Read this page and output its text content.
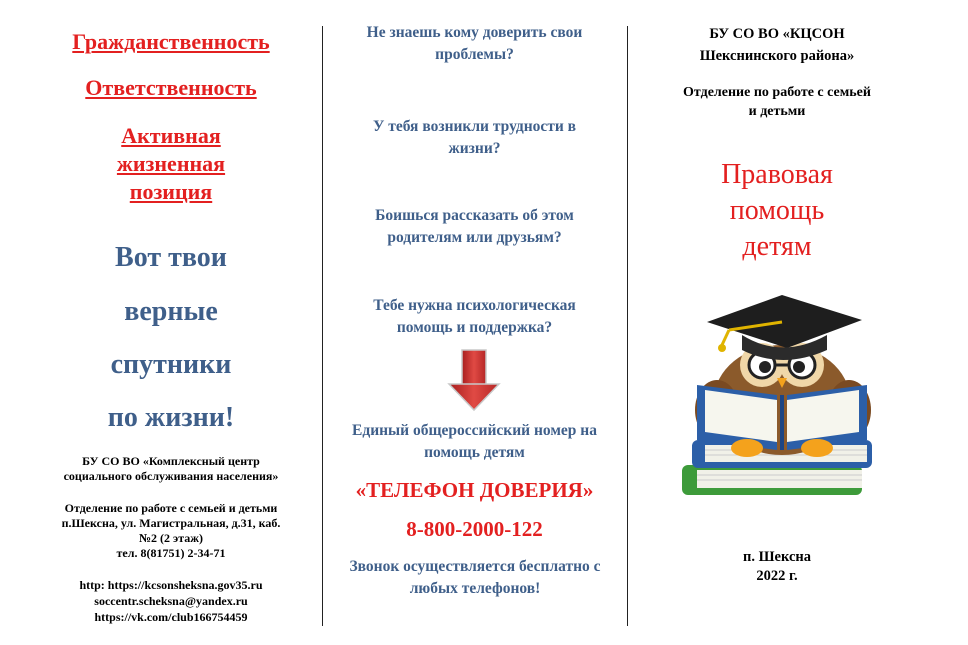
Гражданственность
Ответственность
Активная жизненная позиция
Вот твои
верные
спутники
по жизни!
БУ СО ВО «Комплексный центр социального обслуживания населения»
Отделение по работе с семьей и детьми
п.Шексна, ул. Магистральная, д.31, каб.№2 (2 этаж)
тел. 8(81751) 2-34-71
http: https://kcsonsheksna.gov35.ru
soccentr.scheksna@yandex.ru
https://vk.com/club166754459
Не знаешь кому доверить свои проблемы?
У тебя возникли трудности в жизни?
Боишься рассказать об этом родителям или друзьям?
Тебе нужна психологическая помощь и поддержка?
Единый общероссийский номер на помощь детям
«ТЕЛЕФОН ДОВЕРИЯ»
8-800-2000-122
Звонок осуществляется бесплатно с любых телефонов!
БУ СО ВО «КЦСОН
Шекснинского района»
Отделение по работе с семьей и детьми
Правовая помощь детям
п. Шексна
2022 г.
